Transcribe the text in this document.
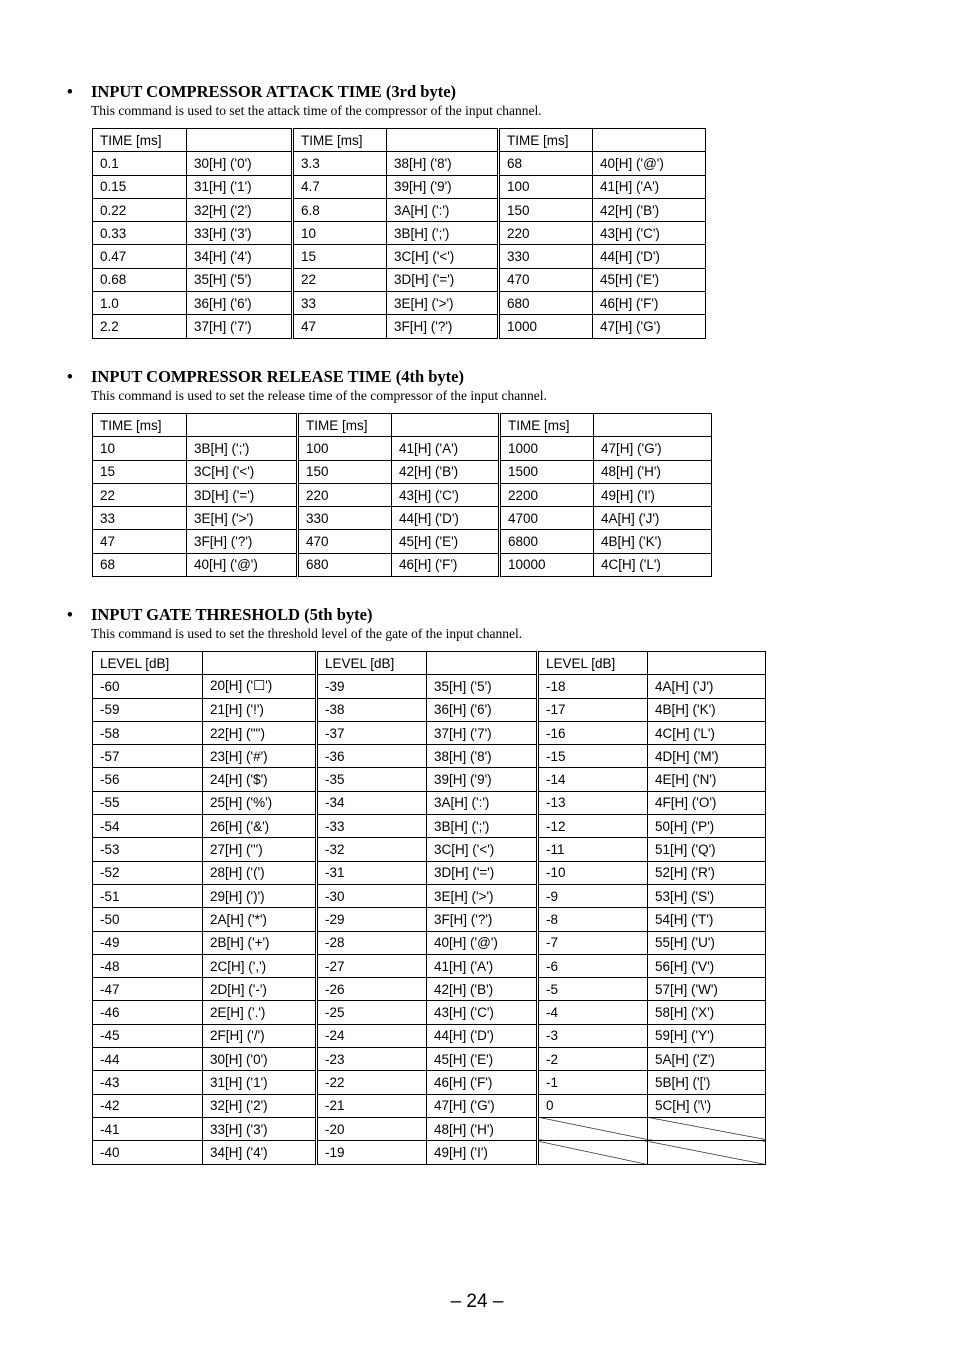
• INPUT COMPRESSOR ATTACK TIME (3rd byte)
This command is used to set the attack time of the compressor of the input channel.
TIME [ms]		TIME [ms]		TIME [ms]	
0.1	30[H] ('0')	3.3	38[H] ('8')	68	40[H] ('@')
0.15	31[H] ('1')	4.7	39[H] ('9')	100	41[H] ('A')
0.22	32[H] ('2')	6.8	3A[H] (':')	150	42[H] ('B')
0.33	33[H] ('3')	10	3B[H] (';')	220	43[H] ('C')
0.47	34[H] ('4')	15	3C[H] ('<')	330	44[H] ('D')
0.68	35[H] ('5')	22	3D[H] ('=')	470	45[H] ('E')
1.0	36[H] ('6')	33	3E[H] ('>')	680	46[H] ('F')
2.2	37[H] ('7')	47	3F[H] ('?')	1000	47[H] ('G')
• INPUT COMPRESSOR RELEASE TIME (4th byte)
This command is used to set the release time of the compressor of the input channel.
TIME [ms]		TIME [ms]		TIME [ms]	
10	3B[H] (';')	100	41[H] ('A')	1000	47[H] ('G')
15	3C[H] ('<')	150	42[H] ('B')	1500	48[H] ('H')
22	3D[H] ('=')	220	43[H] ('C')	2200	49[H] ('I')
33	3E[H] ('>')	330	44[H] ('D')	4700	4A[H] ('J')
47	3F[H] ('?')	470	45[H] ('E')	6800	4B[H] ('K')
68	40[H] ('@')	680	46[H] ('F')	10000	4C[H] ('L')
• INPUT GATE THRESHOLD (5th byte)
This command is used to set the threshold level of the gate of the input channel.
LEVEL [dB]		LEVEL [dB]		LEVEL [dB]	
-60	20[H] ('☐')	-39	35[H] ('5')	-18	4A[H] ('J')
-59	21[H] ('!')	-38	36[H] ('6')	-17	4B[H] ('K')
-58	22[H] ('"')	-37	37[H] ('7')	-16	4C[H] ('L')
-57	23[H] ('#')	-36	38[H] ('8')	-15	4D[H] ('M')
-56	24[H] ('$')	-35	39[H] ('9')	-14	4E[H] ('N')
-55	25[H] ('%')	-34	3A[H] (':')	-13	4F[H] ('O')
-54	26[H] ('&')	-33	3B[H] (';')	-12	50[H] ('P')
-53	27[H] (''')	-32	3C[H] ('<')	-11	51[H] ('Q')
-52	28[H] ('(')	-31	3D[H] ('=')	-10	52[H] ('R')
-51	29[H] (')')	-30	3E[H] ('>')	-9	53[H] ('S')
-50	2A[H] ('*')	-29	3F[H] ('?')	-8	54[H] ('T')
-49	2B[H] ('+')	-28	40[H] ('@')	-7	55[H] ('U')
-48	2C[H] (',')	-27	41[H] ('A')	-6	56[H] ('V')
-47	2D[H] ('-')	-26	42[H] ('B')	-5	57[H] ('W')
-46	2E[H] ('.')	-25	43[H] ('C')	-4	58[H] ('X')
-45	2F[H] ('/')	-24	44[H] ('D')	-3	59[H] ('Y')
-44	30[H] ('0')	-23	45[H] ('E')	-2	5A[H] ('Z')
-43	31[H] ('1')	-22	46[H] ('F')	-1	5B[H] ('[')
-42	32[H] ('2')	-21	47[H] ('G')	0	5C[H] ('\')
-41	33[H] ('3')	-20	48[H] ('H')		
-40	34[H] ('4')	-19	49[H] ('I')		
– 24 –
